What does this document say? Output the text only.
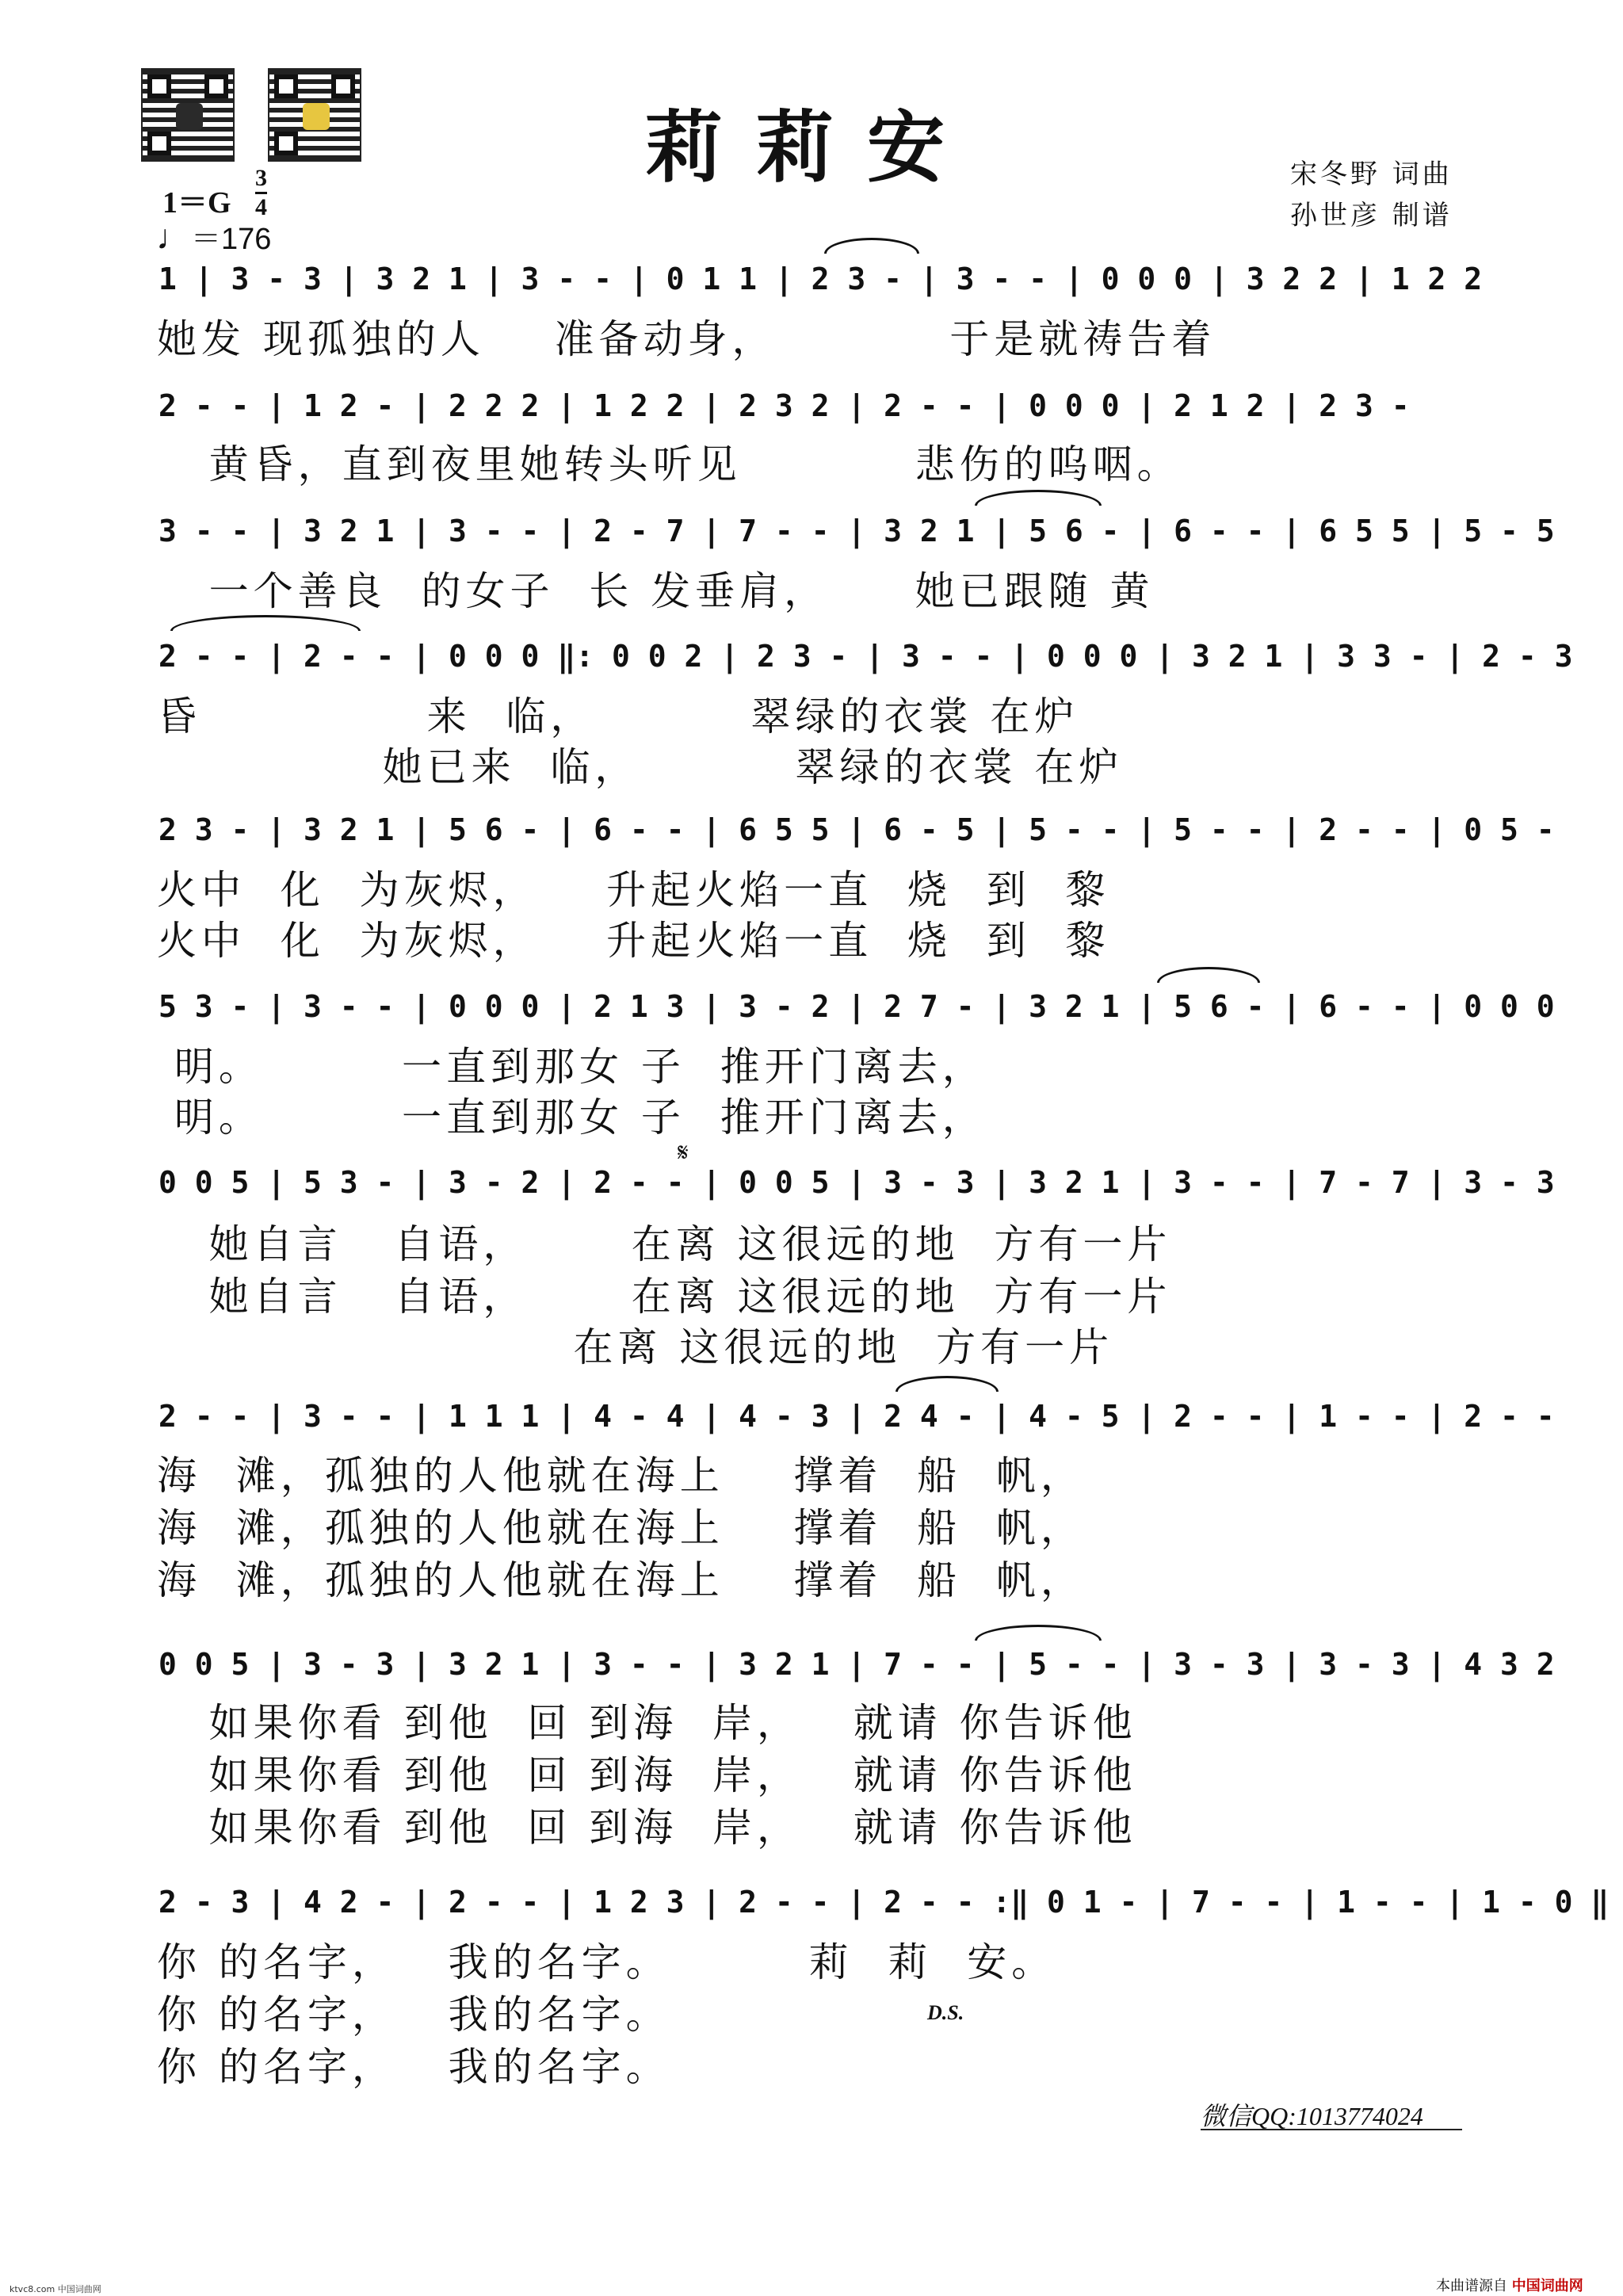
莉莉安	宋冬野 词曲
孙世彦 制谱
1＝G
3
4
♩＝176
1 | 3 - 3 | 3 2 1 | 3 - - | 0 1 1 | 2 3 - | 3 - - | 0 0 0 | 3 2 2 | 1 2 2
她发 现孤独的人    准备动身，          于是就祷告着
2 - - | 1 2 - | 2 2 2 | 1 2 2 | 2 3 2 | 2 - - | 0 0 0 | 2 1 2 | 2 3 -
黄昏，直到夜里她转头听见          悲伤的呜咽。
3 - - | 3 2 1 | 3 - - | 2 - 7 | 7 - - | 3 2 1 | 5 6 - | 6 - - | 6 5 5 | 5 - 5
一个善良  的女子  长 发垂肩，     她已跟随 黄
2 - - | 2 - - | 0 0 0 ‖: 0 0 2 | 2 3 - | 3 - - | 0 0 0 | 3 2 1 | 3 3 - | 2 - 3
昏             来  临，         翠绿的衣裳 在炉
她已来  临，         翠绿的衣裳 在炉
2 3 - | 3 2 1 | 5 6 - | 6 - - | 6 5 5 | 6 - 5 | 5 - - | 5 - - | 2 - - | 0 5 -
火中  化  为灰烬，    升起火焰一直  烧  到  黎
火中  化  为灰烬，    升起火焰一直  烧  到  黎
5 3 - | 3 - - | 0 0 0 | 2 1 3 | 3 - 2 | 2 7 - | 3 2 1 | 5 6 - | 6 - - | 0 0 0
明。        一直到那女 子  推开门离去，
明。        一直到那女 子  推开门离去，
𝄋
0 0 5 | 5 3 - | 3 - 2 | 2 - - | 0 0 5 | 3 - 3 | 3 2 1 | 3 - - | 7 - 7 | 3 - 3
她自言   自语，      在离 这很远的地  方有一片
她自言   自语，      在离 这很远的地  方有一片
在离 这很远的地  方有一片
2 - - | 3 - - | 1 1 1 | 4 - 4 | 4 - 3 | 2 4 - | 4 - 5 | 2 - - | 1 - - | 2 - -
海  滩，孤独的人他就在海上    撑着  船  帆，
海  滩，孤独的人他就在海上    撑着  船  帆，
海  滩，孤独的人他就在海上    撑着  船  帆，
0 0 5 | 3 - 3 | 3 2 1 | 3 - - | 3 2 1 | 7 - - | 5 - - | 3 - 3 | 3 - 3 | 4 3 2
如果你看 到他  回 到海  岸，   就请 你告诉他
如果你看 到他  回 到海  岸，   就请 你告诉他
如果你看 到他  回 到海  岸，   就请 你告诉他
2 - 3 | 4 2 - | 2 - - | 1 2 3 | 2 - - | 2 - - :‖ 0 1 - | 7 - - | 1 - - | 1 - 0 ‖
你 的名字，   我的名字。        莉  莉  安。
你 的名字，   我的名字。
你 的名字，   我的名字。
D.S.
微信QQ:1013774024
ktvc8.com 中国词曲网	本曲谱源自 中国词曲网
